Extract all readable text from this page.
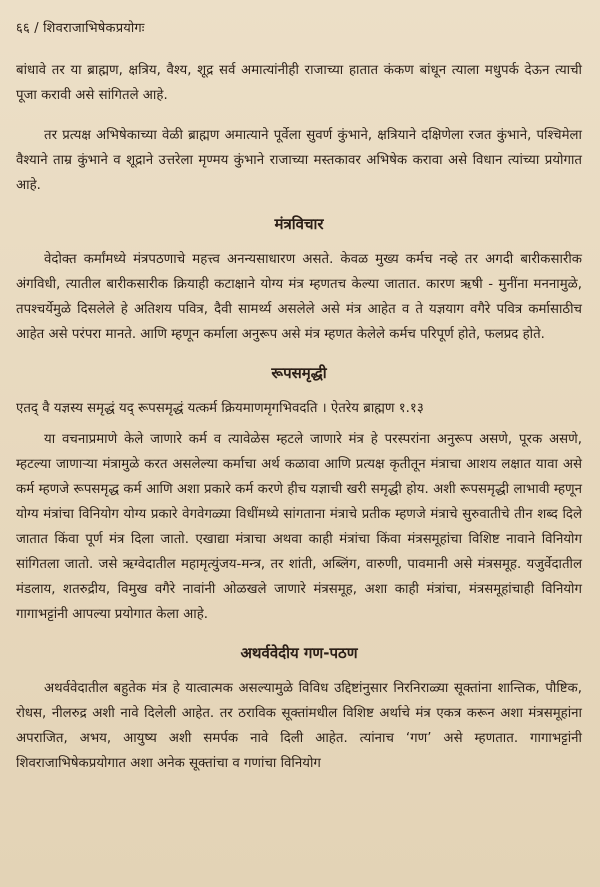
६६ / शिवराजाभिषेकप्रयोगः

बांधावे तर या ब्राह्मण, क्षत्रिय, वैश्य, शूद्र सर्व अमात्यांनीही राजाच्या हातात कंकण बांधून त्याला मधुपर्क देऊन त्याची पूजा करावी असे सांगितले आहे.

तर प्रत्यक्ष अभिषेकाच्या वेळी ब्राह्मण अमात्याने पूर्वेला सुवर्ण कुंभाने, क्षत्रियाने दक्षिणेला रजत कुंभाने, पश्चिमेला वैश्याने ताम्र कुंभाने व शूद्राने उत्तरेला मृण्मय कुंभाने राजाच्या मस्तकावर अभिषेक करावा असे विधान त्यांच्या प्रयोगात आहे.

मंत्रविचार

वेदोक्त कर्मांमध्ये मंत्रपठणाचे महत्त्व अनन्यसाधारण असते. केवळ मुख्य कर्मच नव्हे तर अगदी बारीकसारीक अंगविधी, त्यातील बारीकसारीक क्रियाही कटाक्षाने योग्य मंत्र म्हणतच केल्या जातात. कारण ऋषी - मुनींना मननामुळे, तपश्चर्येमुळे दिसलेले हे अतिशय पवित्र, दैवी सामर्थ्य असलेले असे मंत्र आहेत व ते यज्ञयाग वगैरे पवित्र कर्मासाठीच आहेत असे परंपरा मानते. आणि म्हणून कर्माला अनुरूप असे मंत्र म्हणत केलेले कर्मच परिपूर्ण होते, फलप्रद होते.

रूपसमृद्धी
एतद् वै यज्ञस्य समृद्धं यद् रूपसमृद्धं यत्कर्म क्रियमाणमृगभिवदति । ऐतरेय ब्राह्मण १.१३

या वचनाप्रमाणे केले जाणारे कर्म व त्यावेळेस म्हटले जाणारे मंत्र हे परस्परांना अनुरूप असणे, पूरक असणे, म्हटल्या जाणाऱ्या मंत्रामुळे करत असलेल्या कर्माचा अर्थ कळावा आणि प्रत्यक्ष कृतीतून मंत्राचा आशय लक्षात यावा असे कर्म म्हणजे रूपसमृद्ध कर्म आणि अशा प्रकारे कर्म करणे हीच यज्ञाची खरी समृद्धी होय. अशी रूपसमृद्धी लाभावी म्हणून योग्य मंत्रांचा विनियोग योग्य प्रकारे वेगवेगळ्या विधींमध्ये सांगताना मंत्राचे प्रतीक म्हणजे मंत्राचे सुरुवातीचे तीन शब्द दिले जातात किंवा पूर्ण मंत्र दिला जातो. एखाद्या मंत्राचा अथवा काही मंत्रांचा किंवा मंत्रसमूहांचा विशिष्ट नावाने विनियोग सांगितला जातो. जसे ऋग्वेदातील महामृत्युंजय-मन्त्र, तर शांती, अब्लिंग, वारुणी, पावमानी असे मंत्रसमूह. यजुर्वेदातील मंडलाय, शतरुद्रीय, विमुख वगैरे नावांनी ओळखले जाणारे मंत्रसमूह, अशा काही मंत्रांचा, मंत्रसमूहांचाही विनियोग गागाभट्टांनी आपल्या प्रयोगात केला आहे.

अथर्ववेदीय गण-पठण

अथर्ववेदातील बहुतेक मंत्र हे यात्वात्मक असल्यामुळे विविध उद्दिष्टांनुसार निरनिराळ्या सूक्तांना शान्तिक, पौष्टिक, रोधस, नीलरुद्र अशी नावे दिलेली आहेत. तर ठराविक सूक्तांमधील विशिष्ट अर्थाचे मंत्र एकत्र करून अशा मंत्रसमूहांना अपराजित, अभय, आयुष्य अशी समर्पक नावे दिली आहेत. त्यांनाच ‘गण’ असे म्हणतात. गागाभट्टांनी शिवराजाभिषेकप्रयोगात अशा अनेक सूक्तांचा व गणांचा विनियोग
